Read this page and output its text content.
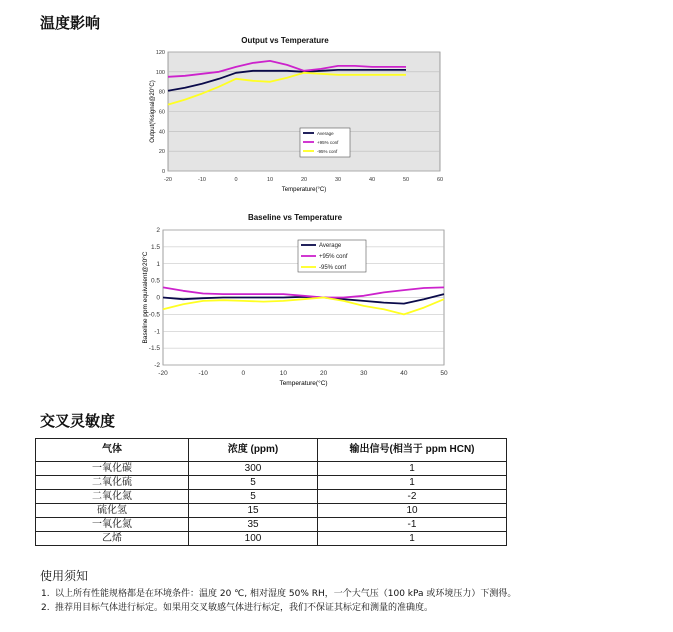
温度影响
Output vs Temperature
0
20
40
60
80
100
120
-20	-10	0	10	20	30	40	50	60
Temperature(°C)
Output(%signal@20°C)	Average
+95% conf
-95% conf
Baseline vs Temperature
-2
-1.5
-1
-0.5
0
0.5
1
1.5
2
-20	-10	0	10	20	30	40	50
Temperature(°C)
Baseline ppm equivalent@20°C
Average
+95% conf
-95% conf
交叉灵敏度
气体	浓度 (ppm)	输出信号(相当于 ppm HCN)
一氧化碳	300	1
二氧化硫	5	1
二氧化氮	5	-2
硫化氢	15	10
一氧化氮	35	-1
乙烯	100	1
使用须知
1. 以上所有性能规格都是在环境条件：温度 20 ℃, 相对湿度 50% RH，一个大气压（100 kPa 或环境压力）下测得。
2. 推荐用目标气体进行标定。如果用交叉敏感气体进行标定，我们不保证其标定和测量的准确度。
